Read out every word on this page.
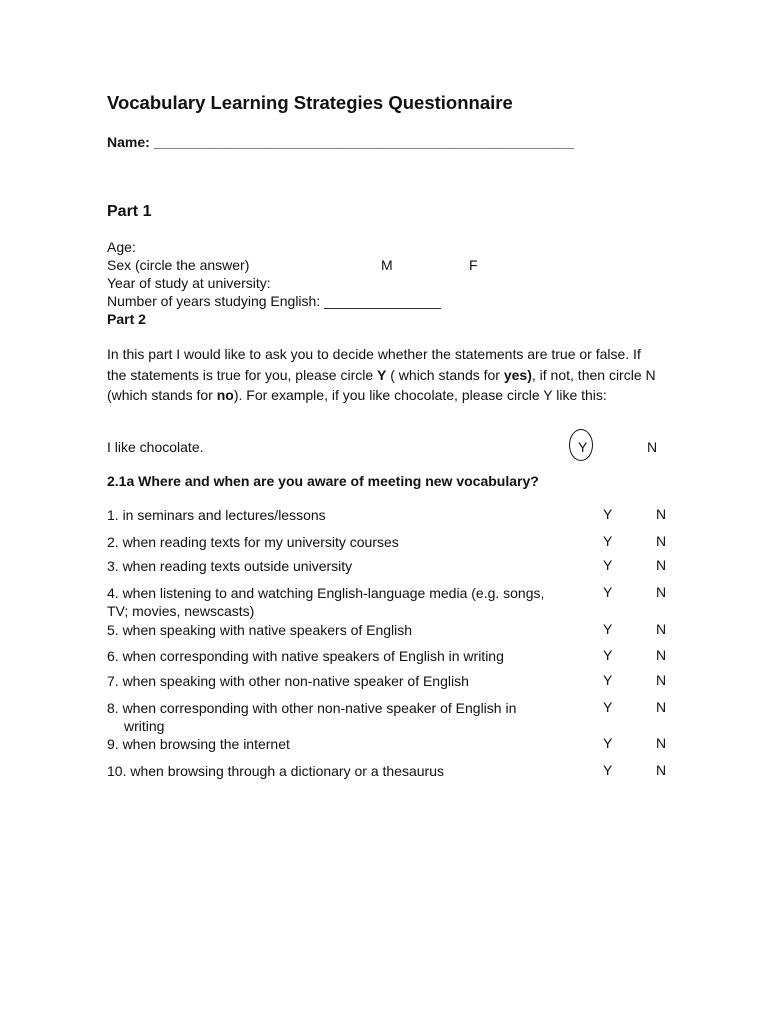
Vocabulary Learning Strategies Questionnaire
Name: ______________________________________________________
Part 1
Age:
Sex (circle the answer)	M	F
Year of study at university:
Number of years studying English: _______________
Part 2
In this part I would like to ask you to decide whether the statements are true or false. If the statements is true for you, please circle Y ( which stands for yes), if not, then circle N (which stands for no). For example, if you like chocolate, please circle Y like this:
I like chocolate.	Y	N
2.1a Where and when are you aware of meeting new vocabulary?
1. in seminars and lectures/lessons	Y	N
2. when reading texts for my university courses	Y	N
3. when reading texts outside university	Y	N
4. when listening to and watching English-language media (e.g. songs,
TV; movies, newscasts)
Y	N
5. when speaking with native speakers of English	Y	N
6. when corresponding with native speakers of English in writing	Y	N
7. when speaking with other non-native speaker of English	Y	N
8. when corresponding with other non-native speaker of English in
writing
Y	N
9. when browsing the internet	Y	N
10. when browsing through a dictionary or a thesaurus	Y	N
